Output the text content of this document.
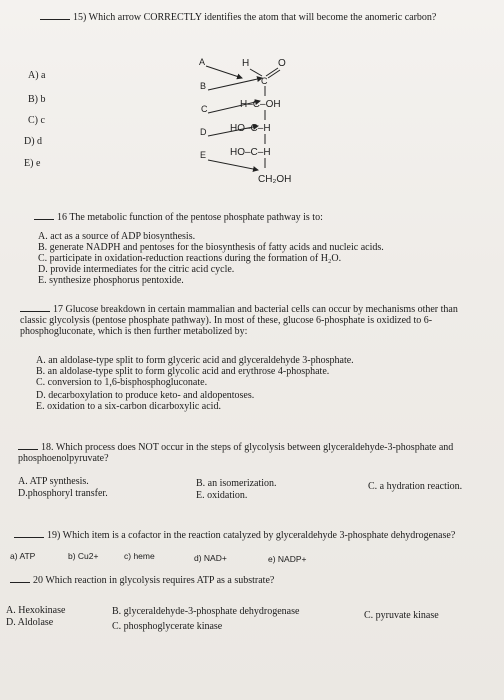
15) Which arrow CORRECTLY identifies the atom that will become the anomeric carbon?
A) a
B) b
C) c
D) d
E) e
A
B
C
D
E
H	O
C
H–C–OH
HO–C–H
HO–C–H
CH₂OH
16 The metabolic function of the pentose phosphate pathway is to:
A. act as a source of ADP biosynthesis.
B. generate NADPH and pentoses for the biosynthesis of fatty acids and nucleic acids.
C. participate in oxidation-reduction reactions during the formation of H₂O.
D. provide intermediates for the citric acid cycle.
E. synthesize phosphorus pentoxide.
17 Glucose breakdown in certain mammalian and bacterial cells can occur by mechanisms other than
classic glycolysis (pentose phosphate pathway). In most of these, glucose 6-phosphate is oxidized to 6-
phosphogluconate, which is then further metabolized by:
A. an aldolase-type split to form glyceric acid and glyceraldehyde 3-phosphate.
B. an aldolase-type split to form glycolic acid and erythrose 4-phosphate.
C. conversion to 1,6-bisphosphogluconate.
D. decarboxylation to produce keto- and aldopentoses.
E. oxidation to a six-carbon dicarboxylic acid.
18. Which process does NOT occur in the steps of glycolysis between glyceraldehyde-3-phosphate and
phosphoenolpyruvate?
A. ATP synthesis.	B. an isomerization.	C. a hydration reaction.
D.phosphoryl transfer.	E. oxidation.
19) Which item is a cofactor in the reaction catalyzed by glyceraldehyde 3-phosphate dehydrogenase?
a) ATP	b) Cu2+	c) heme	d) NAD+	e) NADP+
20 Which reaction in glycolysis requires ATP as a substrate?
A. Hexokinase	B. glyceraldehyde-3-phosphate dehydrogenase	C. pyruvate kinase
D. Aldolase	C. phosphoglycerate kinase
